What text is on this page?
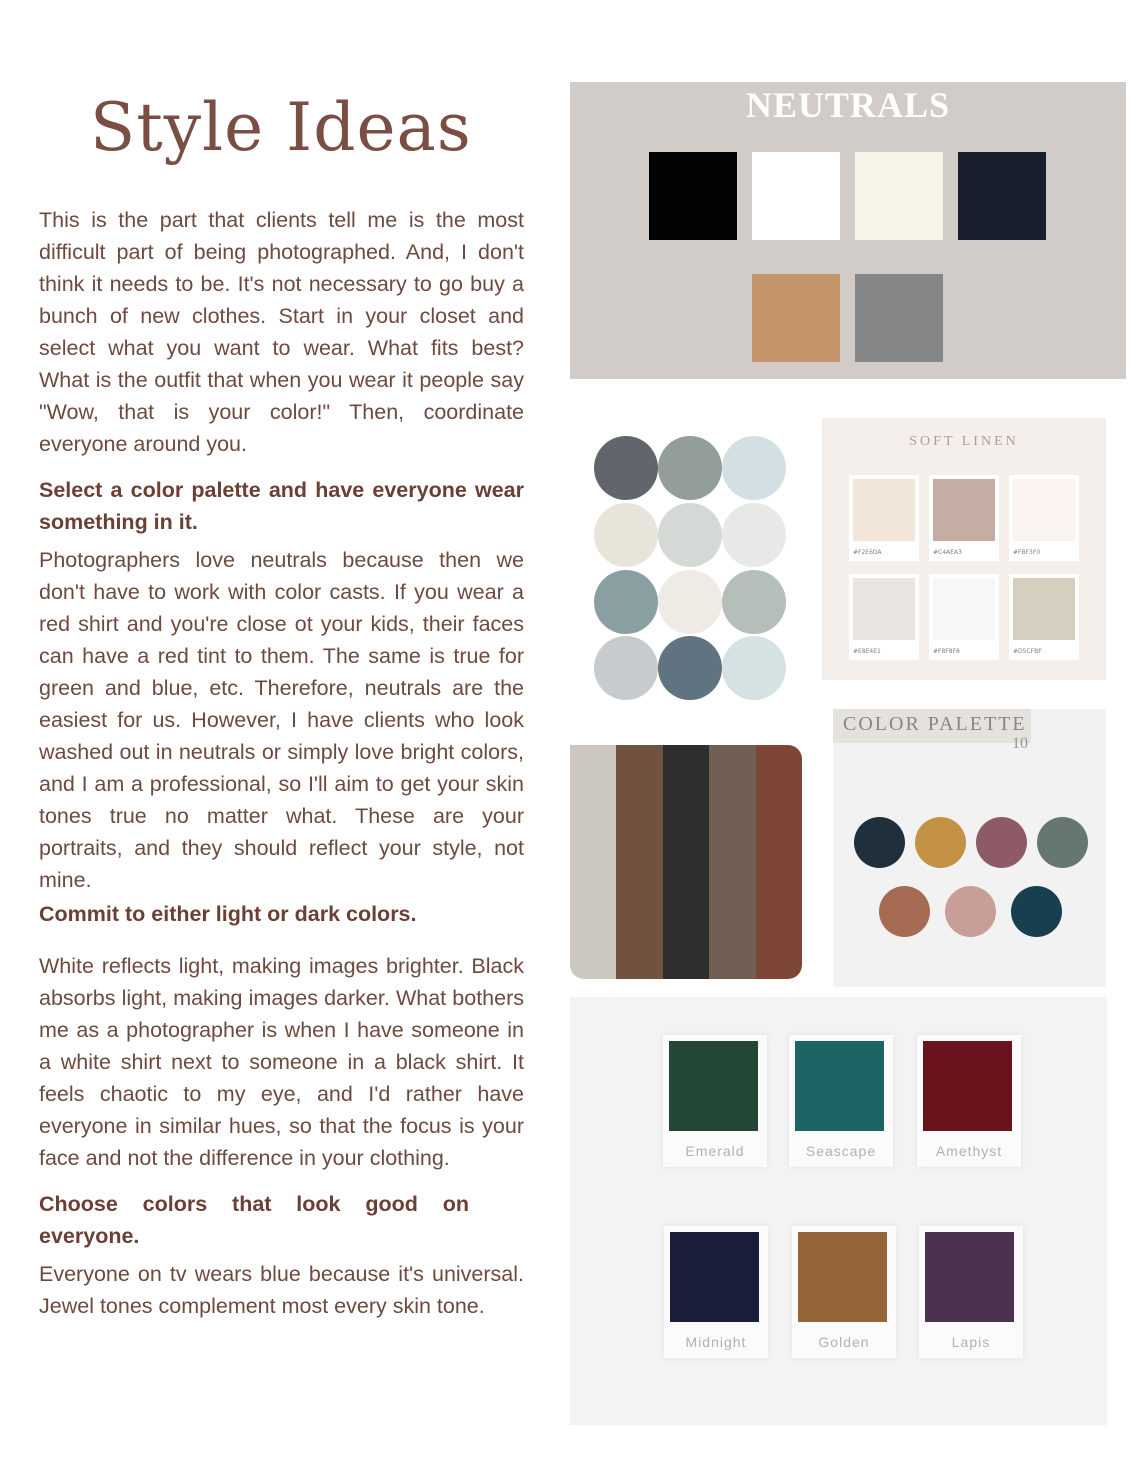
Style Ideas

This is the part that clients tell me is the most difficult part of being photographed. And, I don't think it needs to be. It's not necessary to go buy a bunch of new clothes. Start in your closet and select what you want to wear. What fits best? What is the outfit that when you wear it people say "Wow, that is your color!" Then, coordinate everyone around you.

Select a color palette and have everyone wear something in it.

Photographers love neutrals because then we don't have to work with color casts. If you wear a red shirt and you're close ot your kids, their faces can have a red tint to them. The same is true for green and blue, etc. Therefore, neutrals are the easiest for us. However, I have clients who look washed out in neutrals or simply love bright colors, and I am a professional, so I'll aim to get your skin tones true no matter what. These are your portraits, and they should reflect your style, not mine.

Commit to either light or dark colors.

White reflects light, making images brighter. Black absorbs light, making images darker. What bothers me as a photographer is when I have someone in a white shirt next to someone in a black shirt. It feels chaotic to my eye, and I'd rather have everyone in similar hues, so that the focus is your face and not the difference in your clothing.

Choose colors that look good on everyone.

Everyone on tv wears blue because it's universal. Jewel tones complement most every skin tone.

NEUTRALS
SOFT LINEN
#F2E6DA	#C4AEA3	#FBF3F0
#E8E4E1	#F8F8F8	#D5CFBF
COLOR PALETTE
10
Emerald	Seascape	Amethyst
Midnight	Golden	Lapis
